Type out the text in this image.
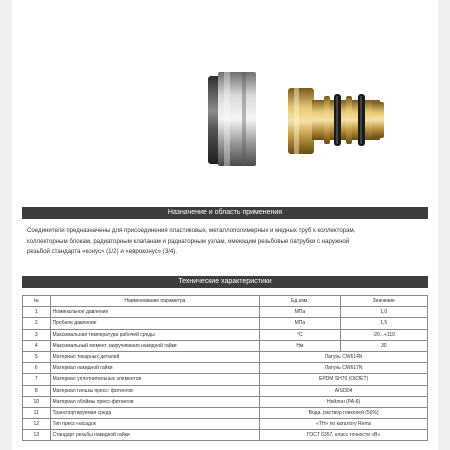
Назначение и область применения

Соединители предназначены для присоединения пластиковых, металлополимерных и медных труб к коллекторам,

коллекторным блокам, радиаторным клапанам и радиаторным узлам, имеющим резьбовые патрубки с наружной

резьбой стандарта «конус» (1/2) и «евроконус» (3/4).

Технические характеристики
№	Наименование параметра	Ед.изм.	Значение
1	Номинальное давление	МПа	1,0
2	Пробное давление	МПа	1,5
3	Максимальная температура рабочей среды	°С	-20...+110
4	Максимальный момент закручивания накидной гайки	Нм	30
5	Материал токарных деталей	Латунь CW614N	
6	Материал накидной гайки	Латунь CW617N	
7	Материал уплотнительных элементов	EPDM SH70 (ОКЗЕТ)	
8	Материал гильзы пресс- фитингов	AISI304	
10	Материал обоймы пресс-фитингов	Нейлон (РА-6)	
11	Транспортируемая среда	Вода, раствор гликолей (50%)	
12	Тип пресс-насадок	«ТН» по каталогу Rems	
13	Стандарт резьбы накидной гайки	ГОСТ 6357, класс точности «В»	
